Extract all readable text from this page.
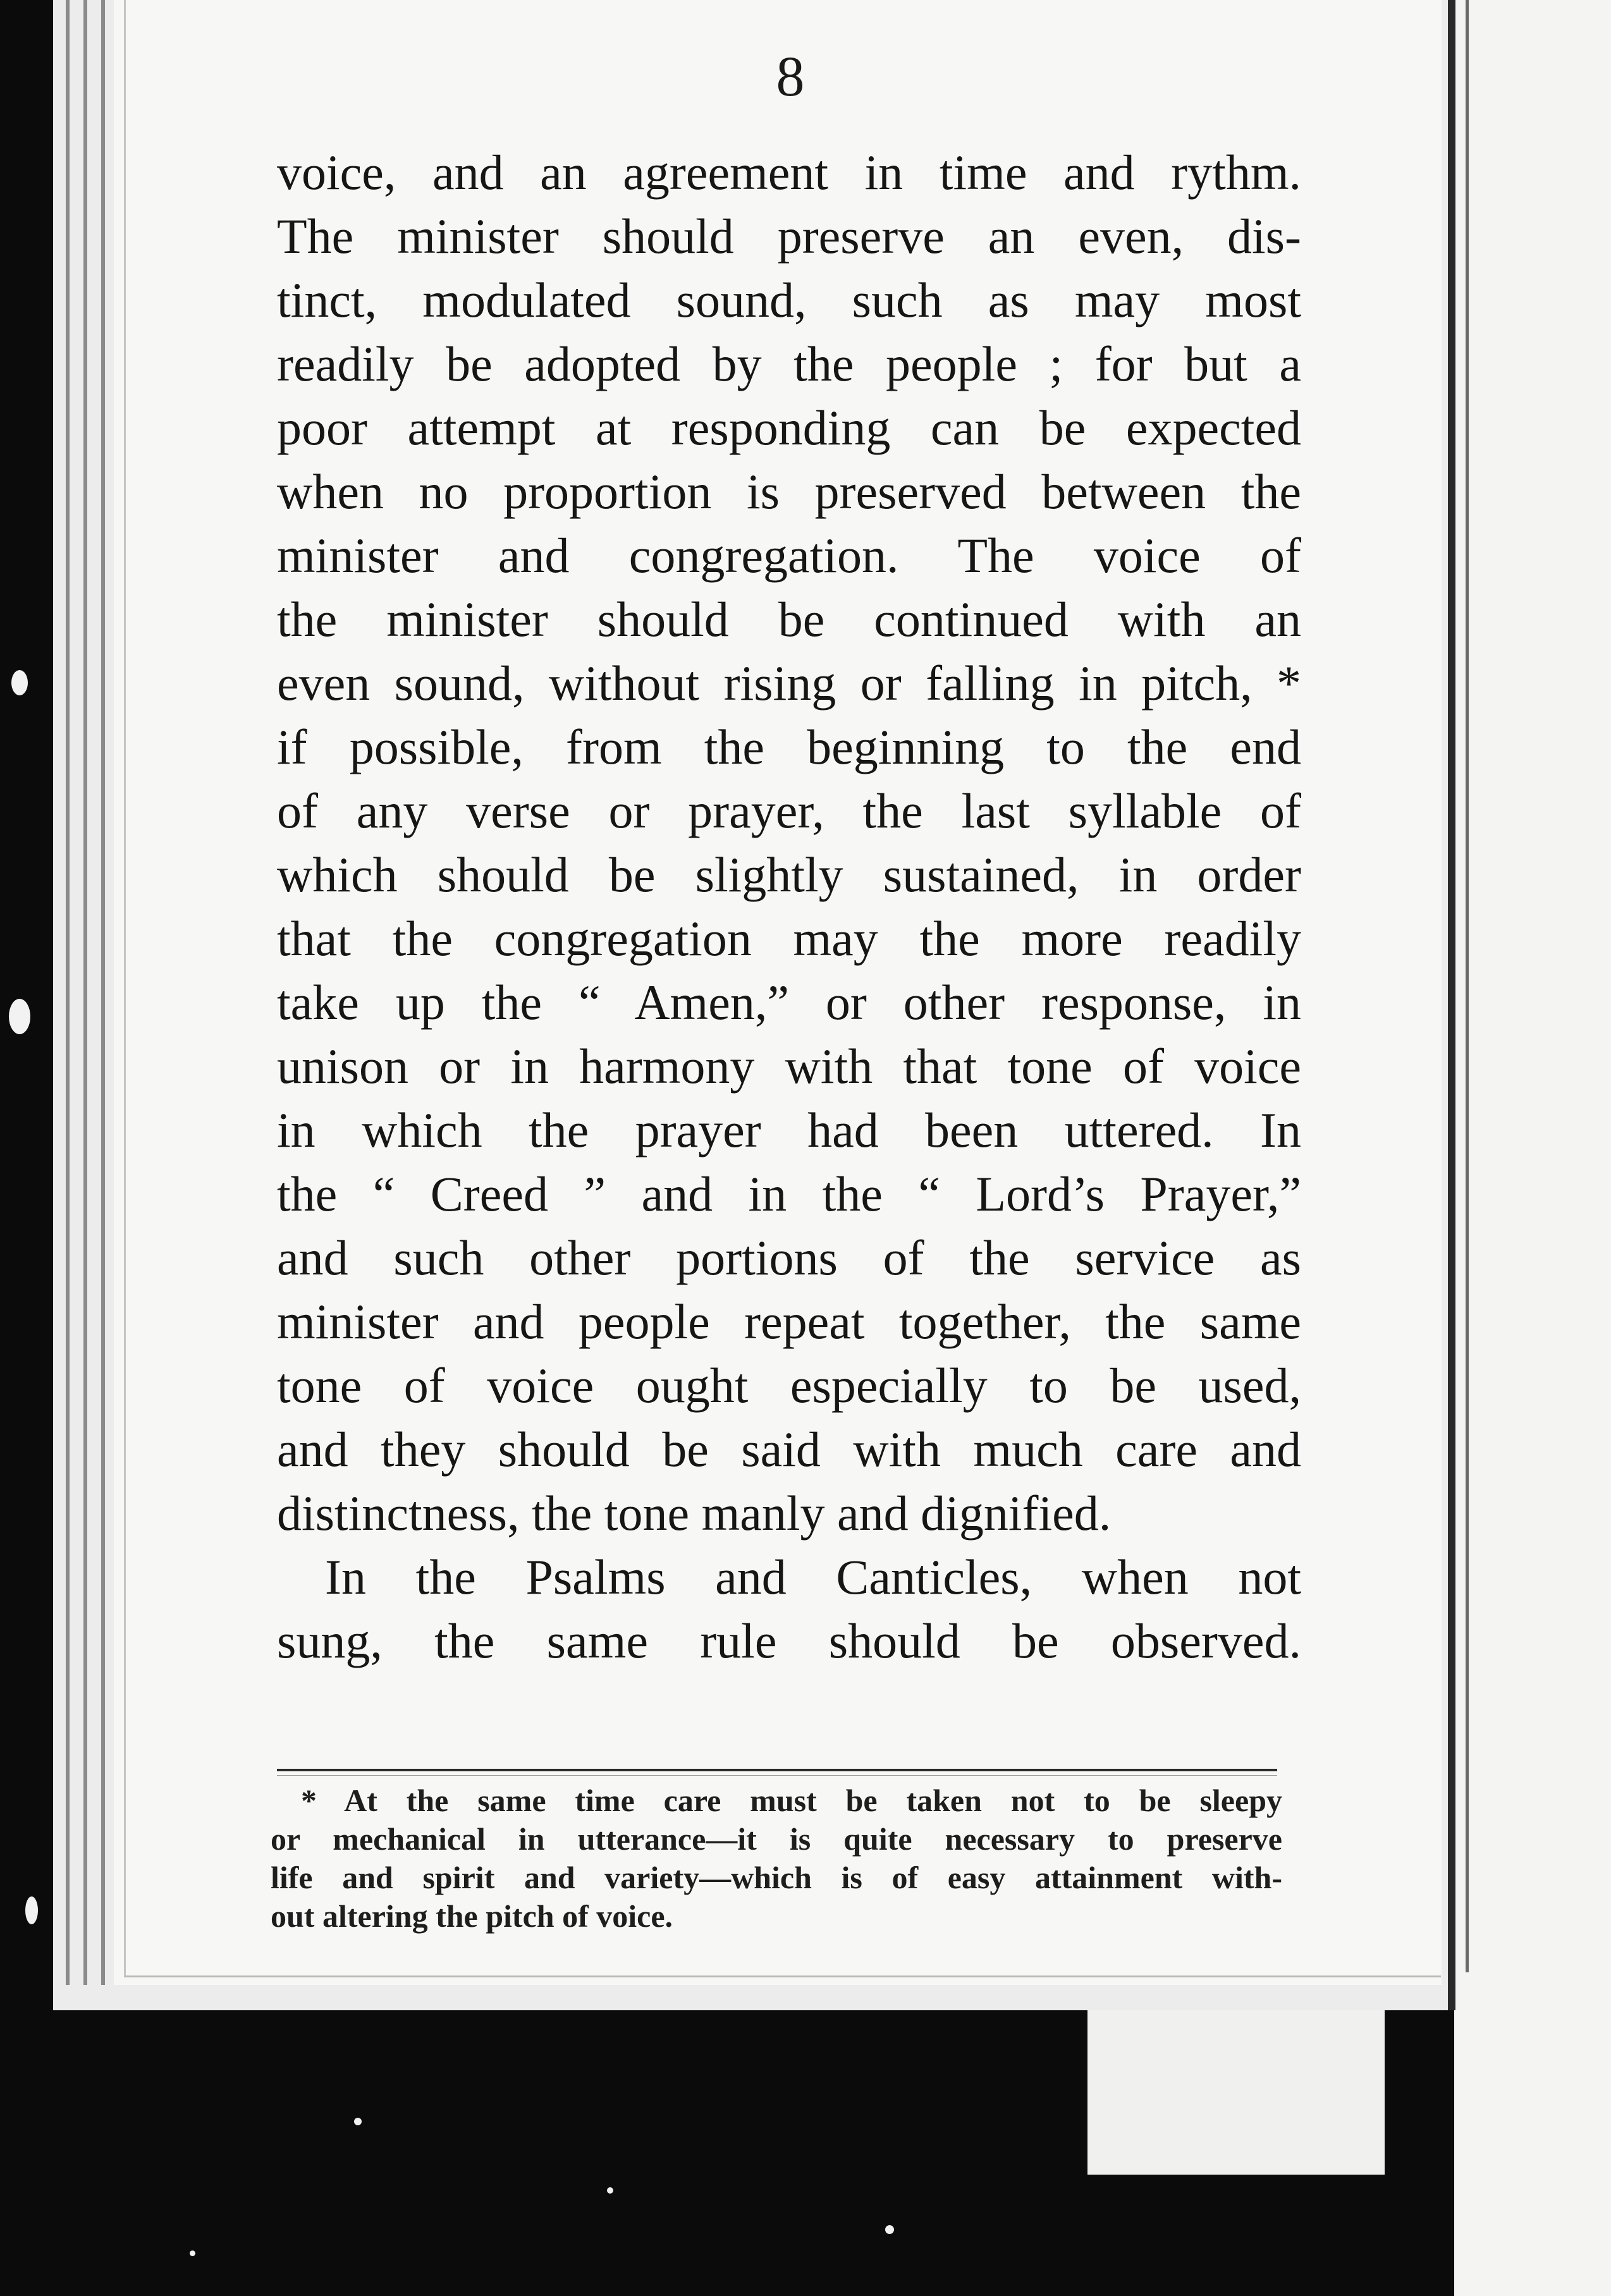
8
voice, and an agreement in time and rythm.
The minister should preserve an even, dis-
tinct, modulated sound, such as may most
readily be adopted by the people ; for but a
poor attempt at responding can be expected
when no proportion is preserved between the
minister and congregation. The voice of
the minister should be continued with an
even sound, without rising or falling in pitch, *
if possible, from the beginning to the end
of any verse or prayer, the last syllable of
which should be slightly sustained, in order
that the congregation may the more readily
take up the “ Amen,” or other response, in
unison or in harmony with that tone of voice
in which the prayer had been uttered. In
the “ Creed ” and in the “ Lord’s Prayer,”
and such other portions of the service as
minister and people repeat together, the same
tone of voice ought especially to be used,
and they should be said with much care and
distinctness, the tone manly and dignified.
In the Psalms and Canticles, when not
sung, the same rule should be observed.
* At the same time care must be taken not to be sleepy
or mechanical in utterance—it is quite necessary to preserve
life and spirit and variety—which is of easy attainment with-
out altering the pitch of voice.
